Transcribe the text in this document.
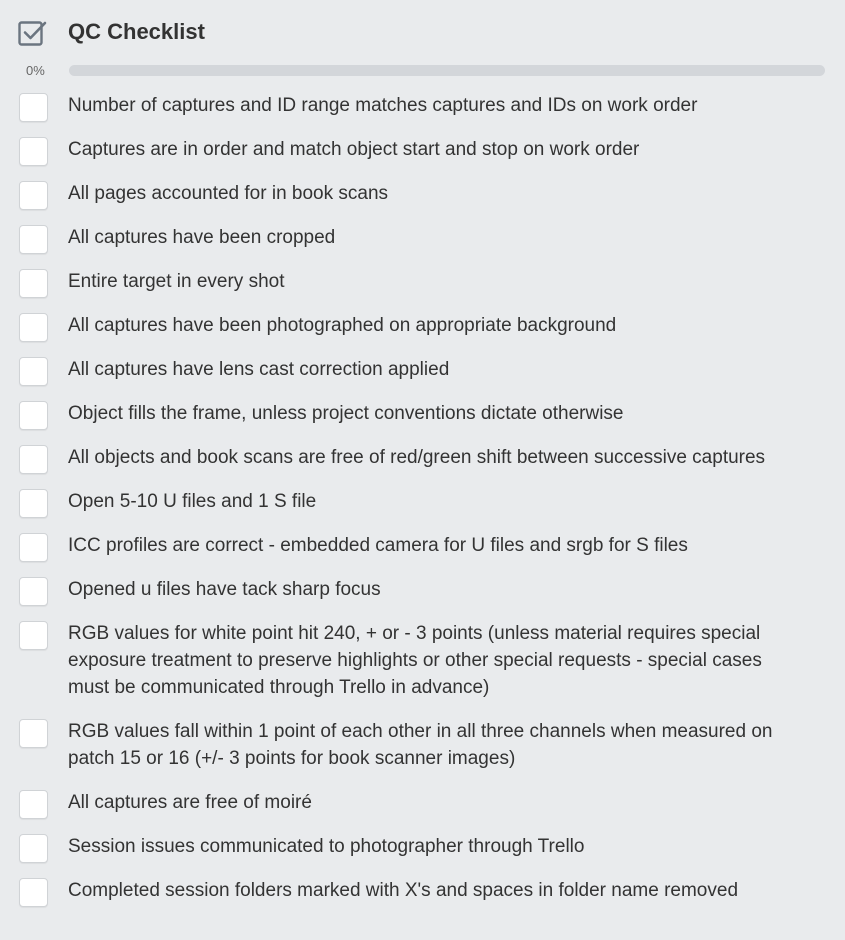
QC Checklist
0%
Number of captures and ID range matches captures and IDs on work order
Captures are in order and match object start and stop on work order
All pages accounted for in book scans
All captures have been cropped
Entire target in every shot
All captures have been photographed on appropriate background
All captures have lens cast correction applied
Object fills the frame, unless project conventions dictate otherwise
All objects and book scans are free of red/green shift between successive captures
Open 5-10 U files and 1 S file
ICC profiles are correct - embedded camera for U files and srgb for S files
Opened u files have tack sharp focus
RGB values for white point hit 240, + or - 3 points (unless material requires special exposure treatment to preserve highlights or other special requests - special cases must be communicated through Trello in advance)
RGB values fall within 1 point of each other in all three channels when measured on patch 15 or 16 (+/- 3 points for book scanner images)
All captures are free of moiré
Session issues communicated to photographer through Trello
Completed session folders marked with X's and spaces in folder name removed
